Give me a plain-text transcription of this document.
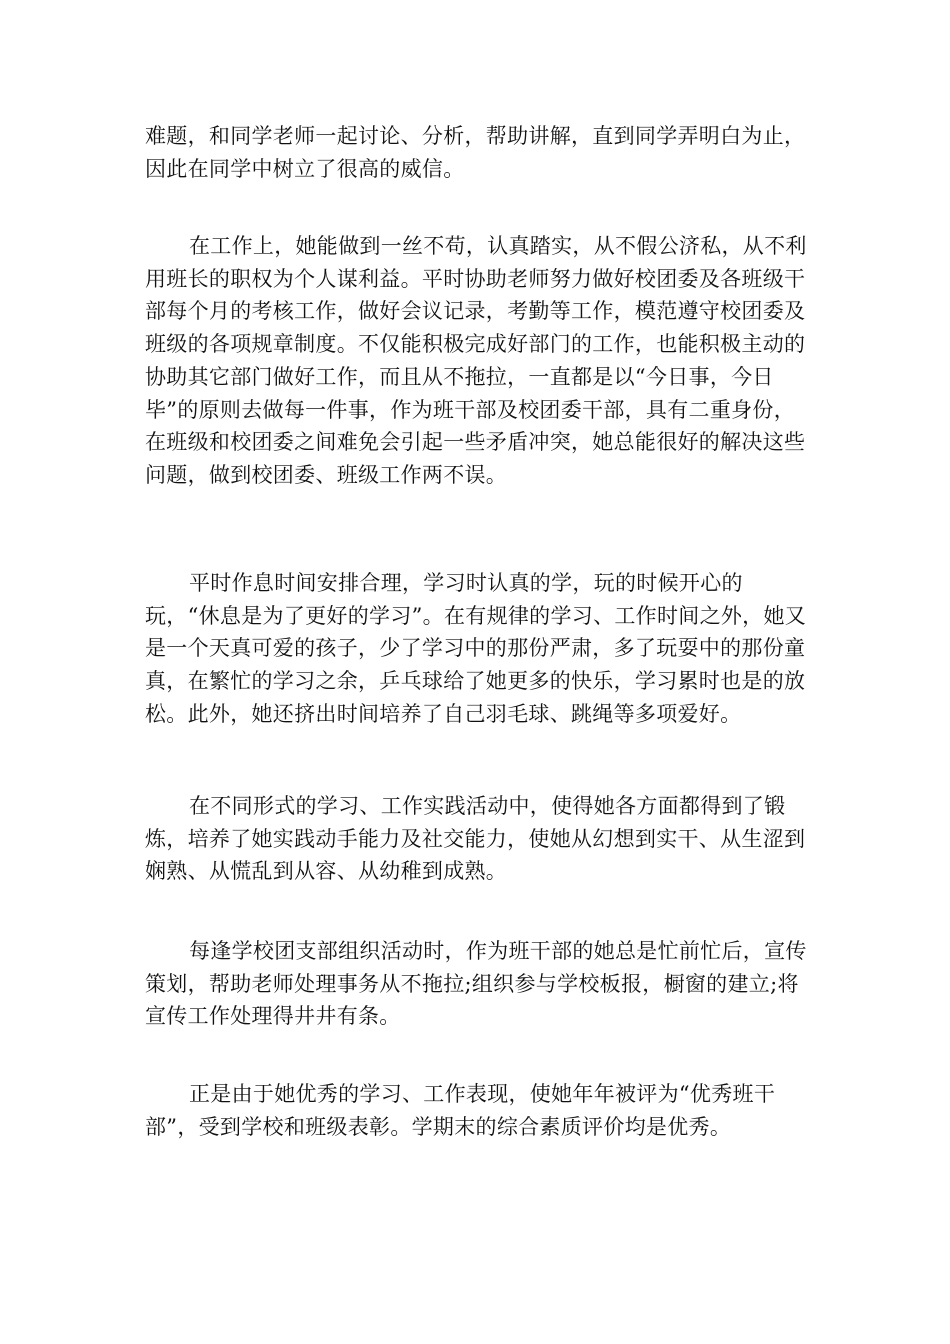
难题，和同学老师一起讨论、分析，帮助讲解，直到同学弄明白为止，因此在同学中树立了很高的威信。

在工作上，她能做到一丝不苟，认真踏实，从不假公济私，从不利用班长的职权为个人谋利益。平时协助老师努力做好校团委及各班级干部每个月的考核工作，做好会议记录，考勤等工作，模范遵守校团委及班级的各项规章制度。不仅能积极完成好部门的工作，也能积极主动的协助其它部门做好工作，而且从不拖拉，一直都是以“今日事，今日毕”的原则去做每一件事，作为班干部及校团委干部，具有二重身份，在班级和校团委之间难免会引起一些矛盾冲突，她总能很好的解决这些问题，做到校团委、班级工作两不误。

平时作息时间安排合理，学习时认真的学，玩的时候开心的玩，“休息是为了更好的学习”。在有规律的学习、工作时间之外，她又是一个天真可爱的孩子，少了学习中的那份严肃，多了玩耍中的那份童真，在繁忙的学习之余，乒乓球给了她更多的快乐，学习累时也是的放松。此外，她还挤出时间培养了自己羽毛球、跳绳等多项爱好。

在不同形式的学习、工作实践活动中，使得她各方面都得到了锻炼，培养了她实践动手能力及社交能力，使她从幻想到实干、从生涩到娴熟、从慌乱到从容、从幼稚到成熟。

每逢学校团支部组织活动时，作为班干部的她总是忙前忙后，宣传策划，帮助老师处理事务从不拖拉;组织参与学校板报，橱窗的建立;将宣传工作处理得井井有条。

正是由于她优秀的学习、工作表现，使她年年被评为“优秀班干部”，受到学校和班级表彰。学期末的综合素质评价均是优秀。
